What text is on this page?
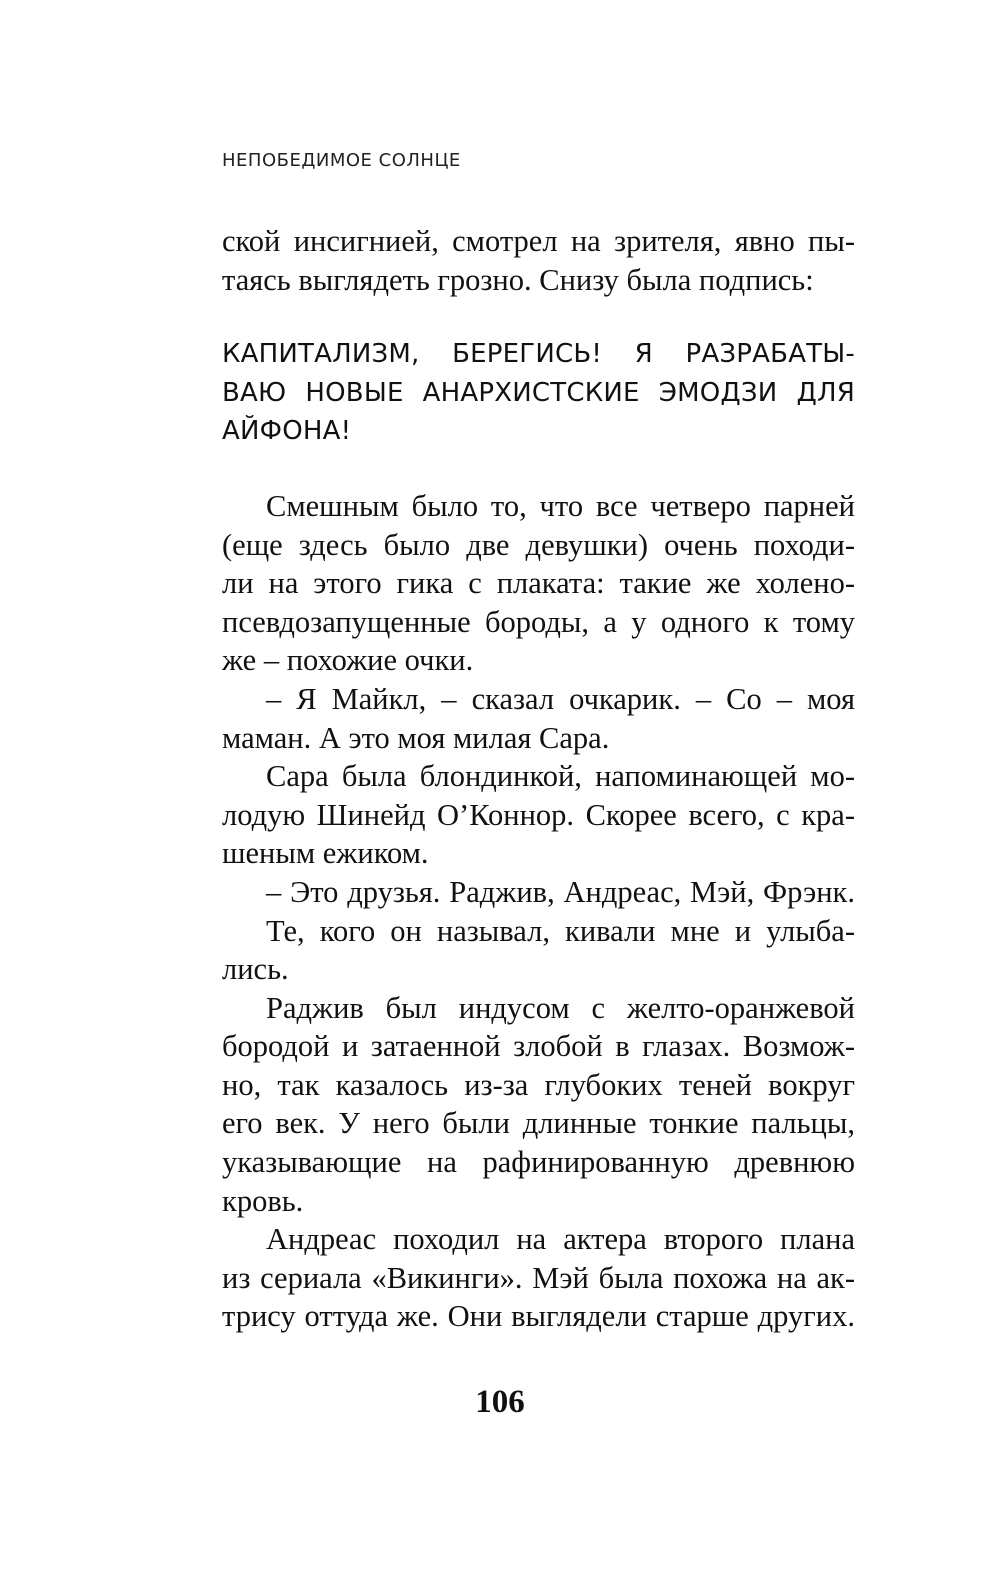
НЕПОБЕДИМОЕ СОЛНЦЕ
ской инсигнией, смотрел на зрителя, явно пы-
таясь выглядеть грозно. Снизу была подпись:
КАПИТАЛИЗМ, БЕРЕГИСЬ! Я РАЗРАБАТЫ-
ВАЮ НОВЫЕ АНАРХИСТСКИЕ ЭМОДЗИ ДЛЯ
АЙФОНА!
Смешным было то, что все четверо парней
(еще здесь было две девушки) очень походи-
ли на этого гика с плаката: такие же холено-
псевдозапущенные бороды, а у одного к тому
же – похожие очки.
– Я Майкл, – сказал очкарик. – Со – моя
маман. А это моя милая Сара.
Сара была блондинкой, напоминающей мо-
лодую Шинейд О’Коннор. Скорее всего, с кра-
шеным ежиком.
– Это друзья. Раджив, Андреас, Мэй, Фрэнк.
Те, кого он называл, кивали мне и улыба-
лись.
Раджив был индусом с желто-оранжевой
бородой и затаенной злобой в глазах. Возмож-
но, так казалось из-за глубоких теней вокруг
его век. У него были длинные тонкие пальцы,
указывающие на рафинированную древнюю
кровь.
Андреас походил на актера второго плана
из сериала «Викинги». Мэй была похожа на ак-
трису оттуда же. Они выглядели старше других.
106
